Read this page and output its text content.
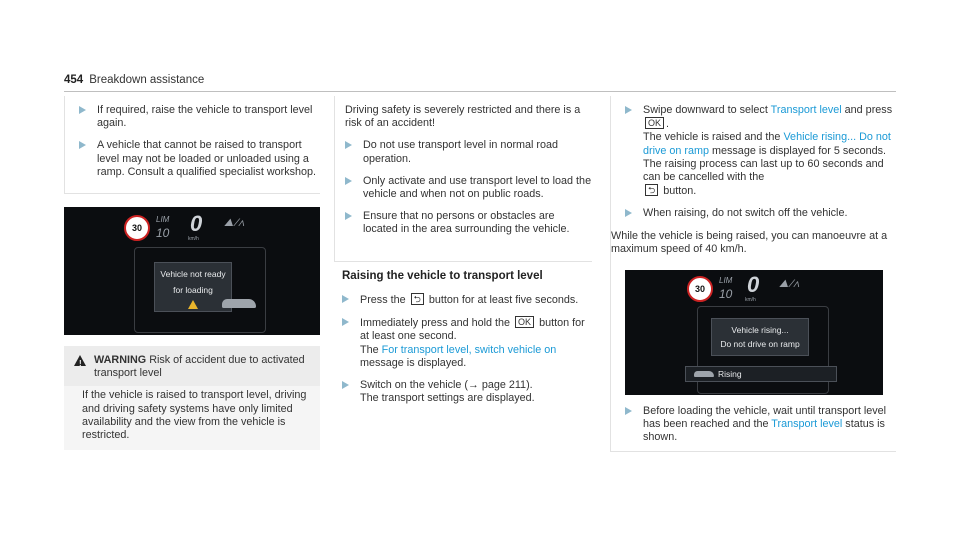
454 Breakdown assistance
If required, raise the vehicle to transport level again.
A vehicle that cannot be raised to transport level may not be loaded or unloaded using a ramp. Consult a qualified specialist workshop.
30
LIM
10 0
km/h
⛰ ⁄∧
Vehicle not ready
for loading
! WARNING Risk of accident due to activated transport level
If the vehicle is raised to transport level, driving and driving safety systems have only limited availability and the view from the vehicle is restricted.
Driving safety is severely restricted and there is a risk of an accident!
Do not use transport level in normal road operation.
Only activate and use transport level to load the vehicle and when not on public roads.
Ensure that no persons or obstacles are located in the area surrounding the vehicle.
Raising the vehicle to transport level
Press the ⮌ button for at least five seconds.
Immediately press and hold the OK button for at least one second.
The For transport level, switch vehicle on message is displayed.
Switch on the vehicle (→ page 211).
The transport settings are displayed.
Swipe downward to select Transport level and press OK .
The vehicle is raised and the Vehicle rising... Do not drive on ramp message is displayed for 5 seconds. The raising process can last up to 60 seconds and can be cancelled with the
⮌ button.
When raising, do not switch off the vehicle.
While the vehicle is being raised, you can manoeuvre at a maximum speed of 40 km/h.
30
LIM
10 0
km/h
⛰ ⁄∧
Vehicle rising...
Do not drive on ramp
Rising
Before loading the vehicle, wait until transport level has been reached and the Transport level status is shown.
